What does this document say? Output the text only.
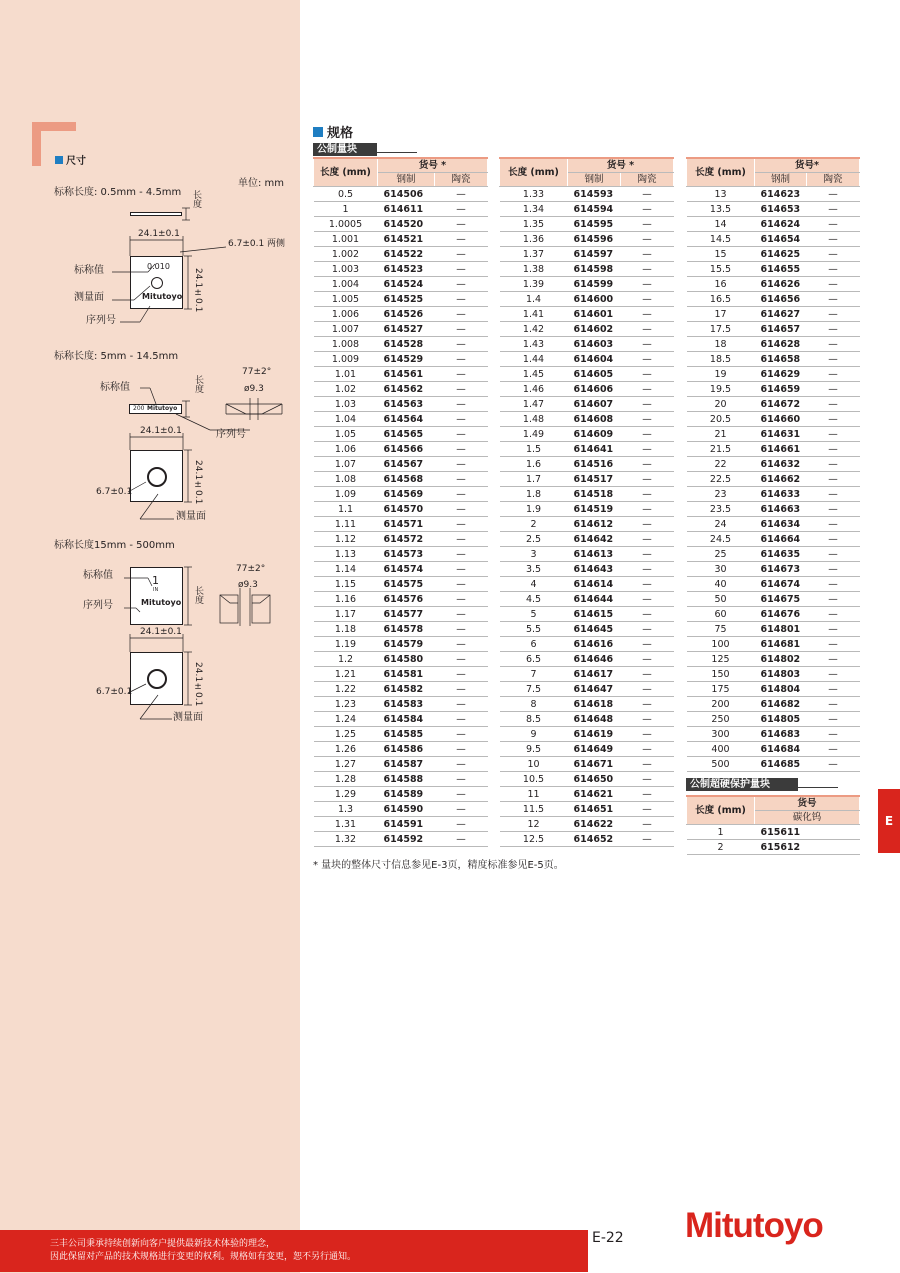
尺寸
单位: mm
标称长度: 0.5mm - 4.5mm 长度
24.1±0.1
6.7±0.1 两侧
0.010
Mitutoyo 24.1±0.1
标称值
测量面
序列号
标称长度: 5mm - 14.5mm
标称值	长度
77±2°
ø9.3
200 Mitutoyo
序列号
24.1±0.1
24.1±0.1
6.7±0.1
测量面
标称长度15mm - 500mm
1
IN
Mitutoyo
标称值
序列号
长度
77±2°
ø9.3
24.1±0.1
24.1±0.1
6.7±0.1
测量面
规格
公制量块
长度 (mm)	货号 *	
	钢制	陶瓷
0.5	614506	—
1	614611	—
1.0005	614520	—
1.001	614521	—
1.002	614522	—
1.003	614523	—
1.004	614524	—
1.005	614525	—
1.006	614526	—
1.007	614527	—
1.008	614528	—
1.009	614529	—
1.01	614561	—
1.02	614562	—
1.03	614563	—
1.04	614564	—
1.05	614565	—
1.06	614566	—
1.07	614567	—
1.08	614568	—
1.09	614569	—
1.1	614570	—
1.11	614571	—
1.12	614572	—
1.13	614573	—
1.14	614574	—
1.15	614575	—
1.16	614576	—
1.17	614577	—
1.18	614578	—
1.19	614579	—
1.2	614580	—
1.21	614581	—
1.22	614582	—
1.23	614583	—
1.24	614584	—
1.25	614585	—
1.26	614586	—
1.27	614587	—
1.28	614588	—
1.29	614589	—
1.3	614590	—
1.31	614591	—
1.32	614592	—
长度 (mm)	货号 *	
	钢制	陶瓷
1.33	614593	—
1.34	614594	—
1.35	614595	—
1.36	614596	—
1.37	614597	—
1.38	614598	—
1.39	614599	—
1.4	614600	—
1.41	614601	—
1.42	614602	—
1.43	614603	—
1.44	614604	—
1.45	614605	—
1.46	614606	—
1.47	614607	—
1.48	614608	—
1.49	614609	—
1.5	614641	—
1.6	614516	—
1.7	614517	—
1.8	614518	—
1.9	614519	—
2	614612	—
2.5	614642	—
3	614613	—
3.5	614643	—
4	614614	—
4.5	614644	—
5	614615	—
5.5	614645	—
6	614616	—
6.5	614646	—
7	614617	—
7.5	614647	—
8	614618	—
8.5	614648	—
9	614619	—
9.5	614649	—
10	614671	—
10.5	614650	—
11	614621	—
11.5	614651	—
12	614622	—
12.5	614652	—
长度 (mm)	货号*	
	钢制	陶瓷
13	614623	—
13.5	614653	—
14	614624	—
14.5	614654	—
15	614625	—
15.5	614655	—
16	614626	—
16.5	614656	—
17	614627	—
17.5	614657	—
18	614628	—
18.5	614658	—
19	614629	—
19.5	614659	—
20	614672	—
20.5	614660	—
21	614631	—
21.5	614661	—
22	614632	—
22.5	614662	—
23	614633	—
23.5	614663	—
24	614634	—
24.5	614664	—
25	614635	—
30	614673	—
40	614674	—
50	614675	—
60	614676	—
75	614801	—
100	614681	—
125	614802	—
150	614803	—
175	614804	—
200	614682	—
250	614805	—
300	614683	—
400	614684	—
500	614685	—
公制超硬保护量块
长度 (mm)	货号
	碳化钨
1	615611
2	615612
* 量块的整体尺寸信息参见E-3页，精度标准参见E-5页。
E
三丰公司秉承持续创新向客户提供最新技术体验的理念，
因此保留对产品的技术规格进行变更的权利。规格如有变更，恕不另行通知。
E-22 Mitutoyo
